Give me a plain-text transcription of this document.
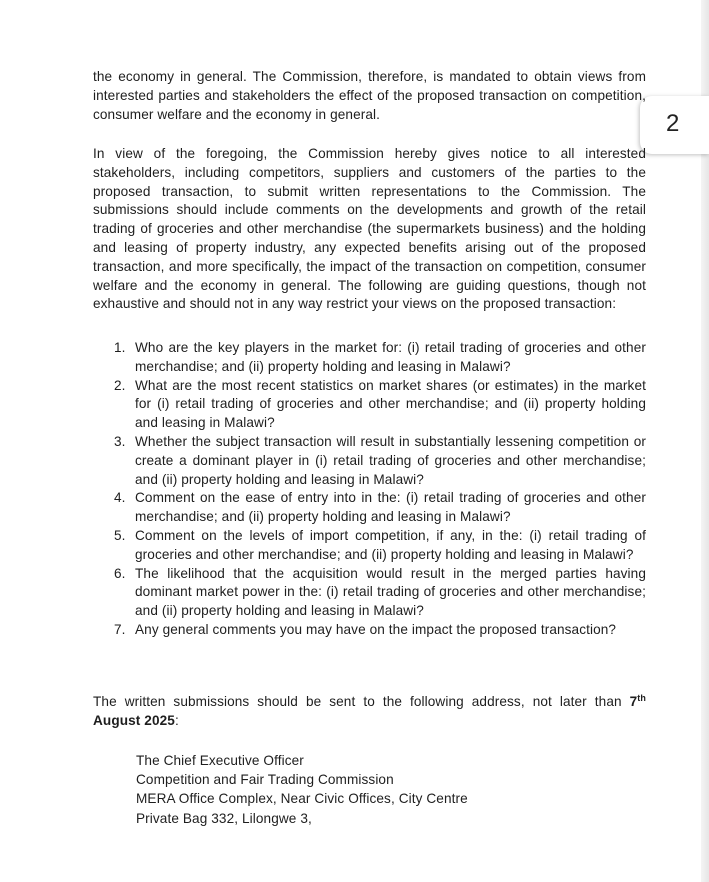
2

the economy in general. The Commission, therefore, is mandated to obtain views from interested parties and stakeholders the effect of the proposed transaction on competition, consumer welfare and the economy in general.

In view of the foregoing, the Commission hereby gives notice to all interested stakeholders, including competitors, suppliers and customers of the parties to the proposed transaction, to submit written representations to the Commission. The submissions should include comments on the developments and growth of the retail trading of groceries and other merchandise (the supermarkets business) and the holding and leasing of property industry, any expected benefits arising out of the proposed transaction, and more specifically, the impact of the transaction on competition, consumer welfare and the economy in general. The following are guiding questions, though not exhaustive and should not in any way restrict your views on the proposed transaction:

1. Who are the key players in the market for: (i) retail trading of groceries and other merchandise; and (ii) property holding and leasing in Malawi?
2. What are the most recent statistics on market shares (or estimates) in the market for (i) retail trading of groceries and other merchandise; and (ii) property holding and leasing in Malawi?
3. Whether the subject transaction will result in substantially lessening competition or create a dominant player in (i) retail trading of groceries and other merchandise; and (ii) property holding and leasing in Malawi?
4. Comment on the ease of entry into in the: (i) retail trading of groceries and other merchandise; and (ii) property holding and leasing in Malawi?
5. Comment on the levels of import competition, if any, in the: (i) retail trading of groceries and other merchandise; and (ii) property holding and leasing in Malawi?
6. The likelihood that the acquisition would result in the merged parties having dominant market power in the: (i) retail trading of groceries and other merchandise; and (ii) property holding and leasing in Malawi?
7. Any general comments you may have on the impact the proposed transaction?
The written submissions should be sent to the following address, not later than 7th
August 2025:
The Chief Executive Officer
Competition and Fair Trading Commission
MERA Office Complex, Near Civic Offices, City Centre
Private Bag 332, Lilongwe 3,
